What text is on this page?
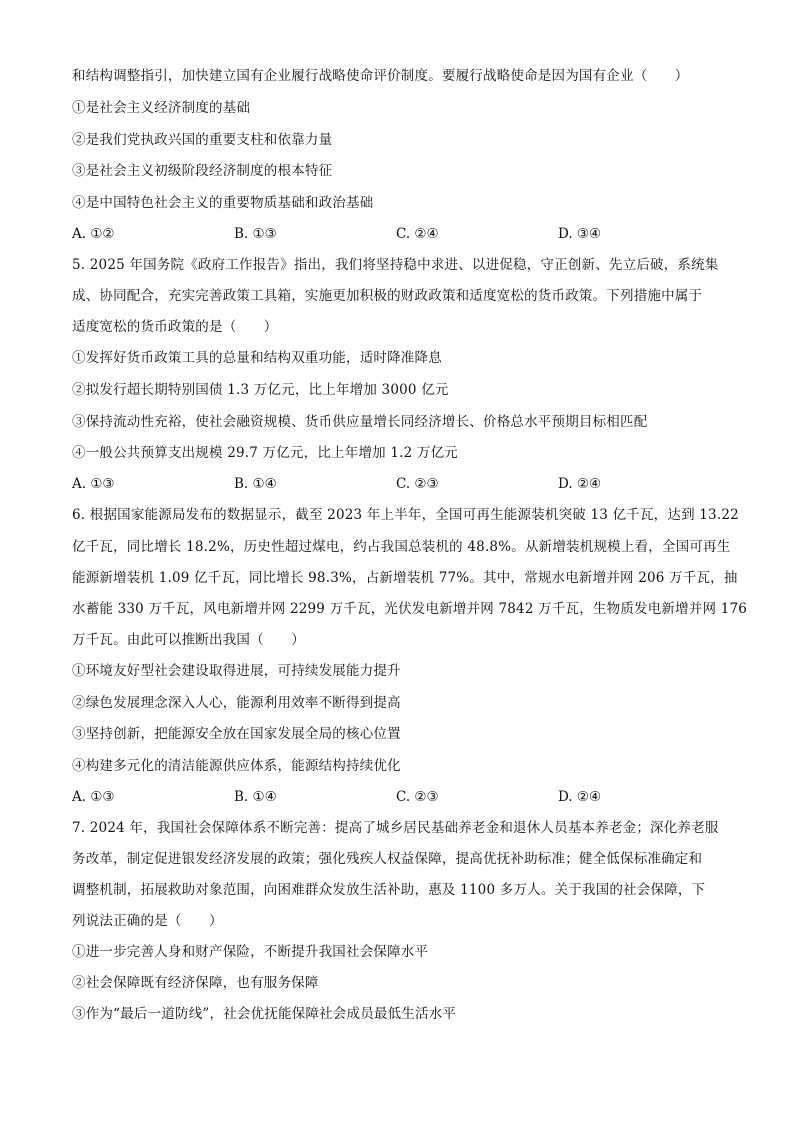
和结构调整指引，加快建立国有企业履行战略使命评价制度。要履行战略使命是因为国有企业（　　）
①是社会主义经济制度的基础
②是我们党执政兴国的重要支柱和依靠力量
③是社会主义初级阶段经济制度的根本特征
④是中国特色社会主义的重要物质基础和政治基础
A. ①②	B. ①③	C. ②④	D. ③④
5. 2025 年国务院《政府工作报告》指出，我们将坚持稳中求进、以进促稳，守正创新、先立后破，系统集
成、协同配合，充实完善政策工具箱，实施更加积极的财政政策和适度宽松的货币政策。下列措施中属于
适度宽松的货币政策的是（　　）
①发挥好货币政策工具的总量和结构双重功能，适时降准降息
②拟发行超长期特别国债 1.3 万亿元，比上年增加 3000 亿元
③保持流动性充裕，使社会融资规模、货币供应量增长同经济增长、价格总水平预期目标相匹配
④一般公共预算支出规模 29.7 万亿元，比上年增加 1.2 万亿元
A. ①③	B. ①④	C. ②③	D. ②④
6. 根据国家能源局发布的数据显示，截至 2023 年上半年，全国可再生能源装机突破 13 亿千瓦，达到 13.22
亿千瓦，同比增长 18.2%，历史性超过煤电，约占我国总装机的 48.8%。从新增装机规模上看，全国可再生
能源新增装机 1.09 亿千瓦，同比增长 98.3%，占新增装机 77%。其中，常规水电新增并网 206 万千瓦，抽
水蓄能 330 万千瓦，风电新增并网 2299 万千瓦，光伏发电新增并网 7842 万千瓦，生物质发电新增并网 176
万千瓦。由此可以推断出我国（　　）
①环境友好型社会建设取得进展，可持续发展能力提升
②绿色发展理念深入人心，能源利用效率不断得到提高
③坚持创新，把能源安全放在国家发展全局的核心位置
④构建多元化的清洁能源供应体系，能源结构持续优化
A. ①③	B. ①④	C. ②③	D. ②④
7. 2024 年，我国社会保障体系不断完善：提高了城乡居民基础养老金和退休人员基本养老金；深化养老服
务改革，制定促进银发经济发展的政策；强化残疾人权益保障，提高优抚补助标准；健全低保标准确定和
调整机制，拓展救助对象范围，向困难群众发放生活补助，惠及 1100 多万人。关于我国的社会保障，下
列说法正确的是（　　）
①进一步完善人身和财产保险，不断提升我国社会保障水平
②社会保障既有经济保障，也有服务保障
③作为“最后一道防线”，社会优抚能保障社会成员最低生活水平
